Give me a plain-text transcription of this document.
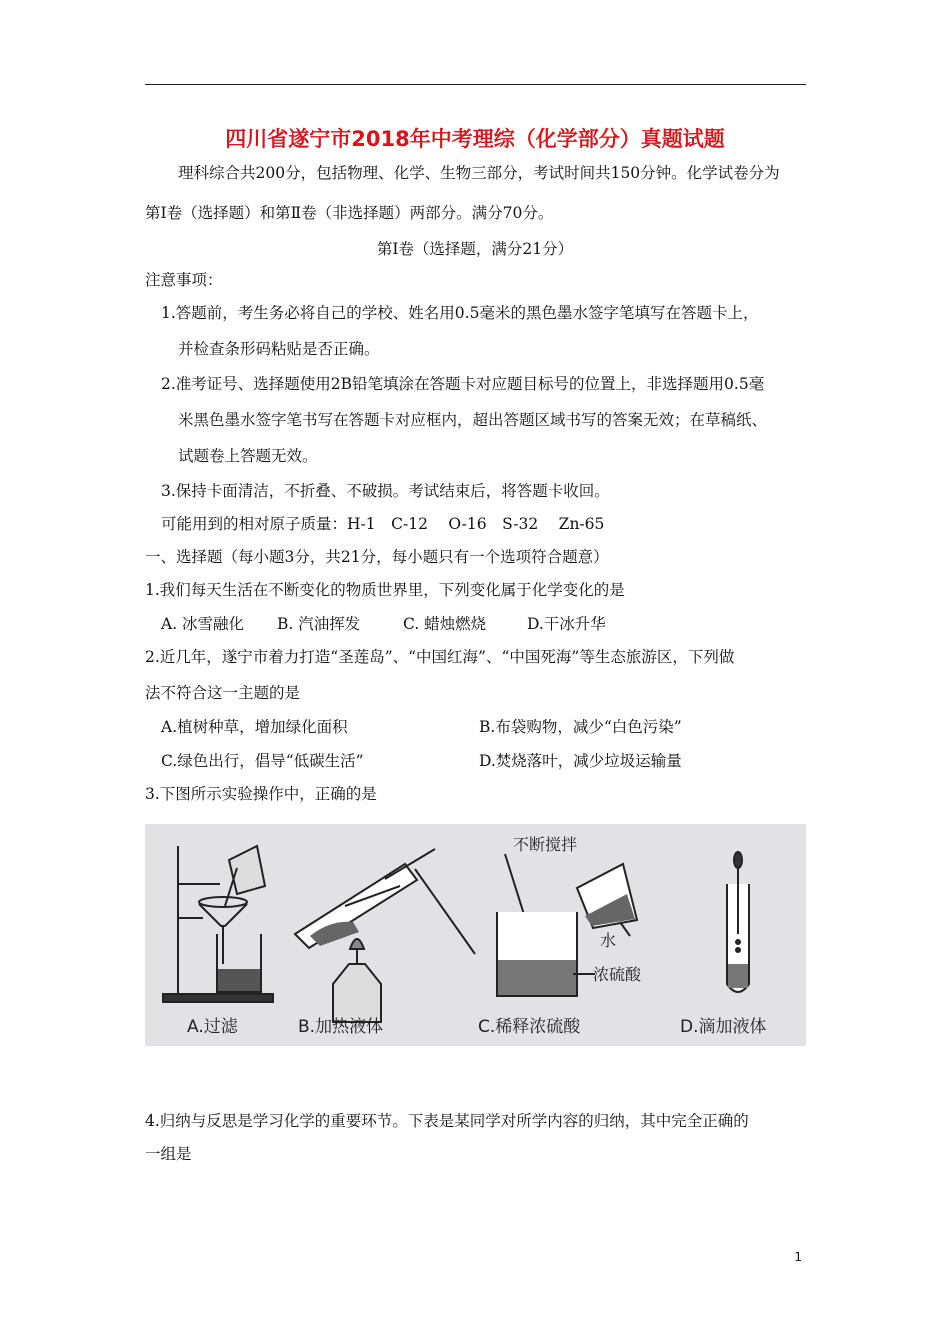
四川省遂宁市2018年中考理综（化学部分）真题试题
理科综合共200分，包括物理、化学、生物三部分，考试时间共150分钟。化学试卷分为
第Ⅰ卷（选择题）和第Ⅱ卷（非选择题）两部分。满分70分。
第Ⅰ卷（选择题，满分21分）
注意事项：
1.答题前，考生务必将自己的学校、姓名用0.5毫米的黑色墨水签字笔填写在答题卡上，
并检查条形码粘贴是否正确。
2.准考证号、选择题使用2B铅笔填涂在答题卡对应题目标号的位置上，非选择题用0.5毫
米黑色墨水签字笔书写在答题卡对应框内，超出答题区域书写的答案无效；在草稿纸、
试题卷上答题无效。
3.保持卡面清洁，不折叠、不破损。考试结束后，将答题卡收回。
可能用到的相对原子质量：H-1　C-12　 O-16　S-32　 Zn-65
一、选择题（每小题3分，共21分，每小题只有一个选项符合题意）
1.我们每天生活在不断变化的物质世界里，下列变化属于化学变化的是
A. 冰雪融化 B. 汽油挥发	C. 蜡烛燃烧	D.干冰升华
2.近几年，遂宁市着力打造“圣莲岛”、“中国红海”、“中国死海”等生态旅游区，下列做
法不符合这一主题的是
A.植树种草，增加绿化面积	B.布袋购物，减少“白色污染”
C.绿色出行，倡导“低碳生活”	D.焚烧落叶，减少垃圾运输量
3.下图所示实验操作中，正确的是
不断搅拌
水
浓硫酸
A.过滤	B.加热液体	C.稀释浓硫酸	D.滴加液体
4.归纳与反思是学习化学的重要环节。下表是某同学对所学内容的归纳，其中完全正确的
一组是
1
